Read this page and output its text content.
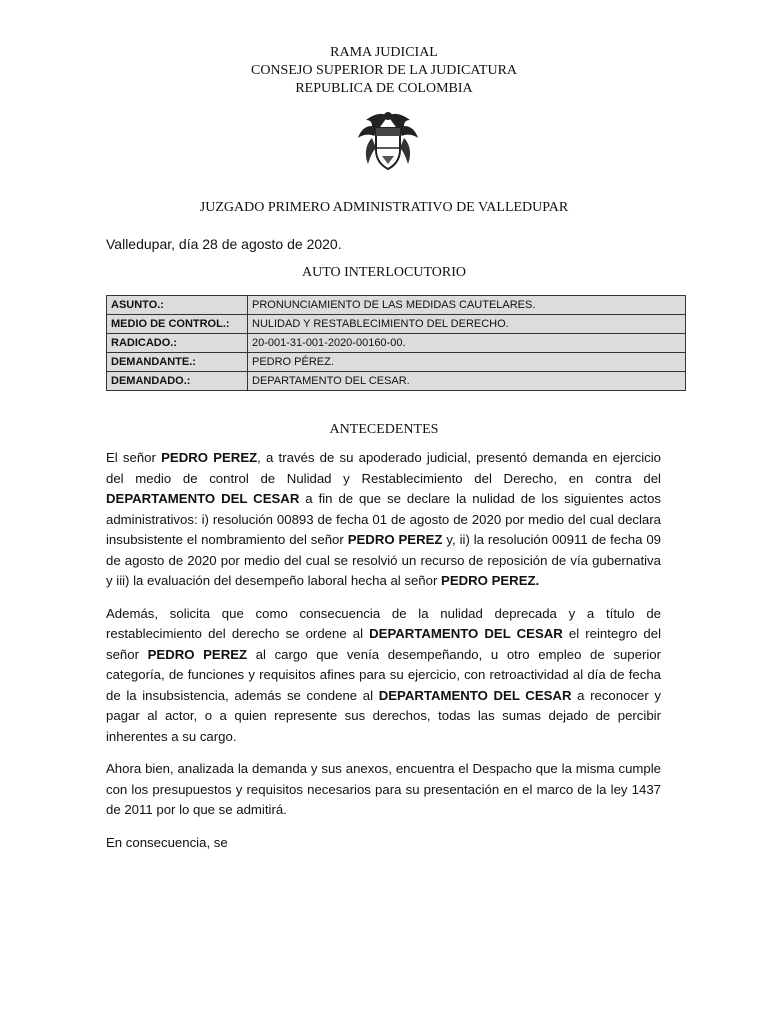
RAMA JUDICIAL
CONSEJO SUPERIOR DE LA JUDICATURA
REPUBLICA DE COLOMBIA
JUZGADO PRIMERO ADMINISTRATIVO DE VALLEDUPAR
Valledupar, día 28 de agosto de 2020.
AUTO INTERLOCUTORIO
ASUNTO.:	PRONUNCIAMIENTO DE LAS MEDIDAS CAUTELARES.
MEDIO DE CONTROL.:	NULIDAD Y RESTABLECIMIENTO DEL DERECHO.
RADICADO.:	20-001-31-001-2020-00160-00.
DEMANDANTE.:	PEDRO PÉREZ.
DEMANDADO.:	DEPARTAMENTO DEL CESAR.
ANTECEDENTES

El señor PEDRO PEREZ, a través de su apoderado judicial, presentó demanda en ejercicio del medio de control de Nulidad y Restablecimiento del Derecho, en contra del DEPARTAMENTO DEL CESAR a fin de que se declare la nulidad de los siguientes actos administrativos: i) resolución 00893 de fecha 01 de agosto de 2020 por medio del cual declara insubsistente el nombramiento del señor PEDRO PEREZ y, ii) la resolución 00911 de fecha 09 de agosto de 2020 por medio del cual se resolvió un recurso de reposición de vía gubernativa y iii) la evaluación del desempeño laboral hecha al señor PEDRO PEREZ.

Además, solicita que como consecuencia de la nulidad deprecada y a título de restablecimiento del derecho se ordene al DEPARTAMENTO DEL CESAR el reintegro del señor PEDRO PEREZ al cargo que venía desempeñando, u otro empleo de superior categoría, de funciones y requisitos afines para su ejercicio, con retroactividad al día de fecha de la insubsistencia, además se condene al DEPARTAMENTO DEL CESAR a reconocer y pagar al actor, o a quien represente sus derechos, todas las sumas dejado de percibir inherentes a su cargo.

Ahora bien, analizada la demanda y sus anexos, encuentra el Despacho que la misma cumple con los presupuestos y requisitos necesarios para su presentación en el marco de la ley 1437 de 2011 por lo que se admitirá.

En consecuencia, se
